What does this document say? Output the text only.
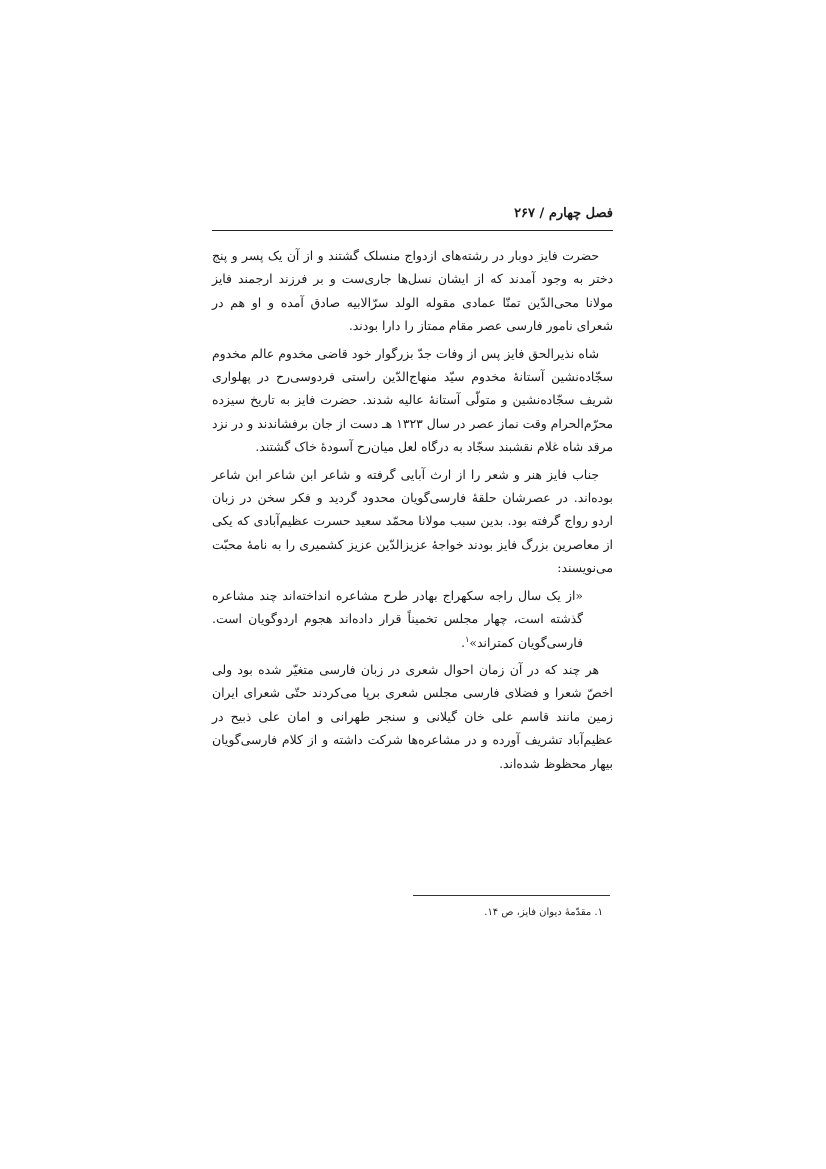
فصل چهارم / ۲۶۷

حضرت فایز دوبار در رشته‌های ازدواج منسلک گشتند و از آن یک پسر و پنج دختر به وجود آمدند که از ایشان نسل‌ها جاری‌ست و بر فرزند ارجمند فایز مولانا محی‌الدّین تمنّا عمادی مقوله الولد سرّالابیه صادق آمده و او هم در شعرای نامور فارسی عصر مقام ممتاز را دارا بودند.

شاه نذیرالحق فایز پس از وفات جدّ بزرگوار خود قاضی مخدوم عالم مخدوم سجّاده‌نشین آستانهٔ مخدوم سیّد منهاج‌الدّین راستی فردوسی‌رح در پهلواری شریف سجّاده‌نشین و متولّی آستانهٔ عالیه شدند. حضرت فایز به تاریخ سیزده محرّم‌الحرام وقت نماز عصر در سال ۱۳۲۳ هـ دست از جان برفشاندند و در نزد مرقد شاه غلام نقشبند سجّاد به درگاه لعل میان‌رح آسودهٔ خاک گشتند.

جناب فایز هنر و شعر را از ارث آبایی گرفته و شاعر ابن شاعر ابن شاعر بوده‌اند. در عصرشان حلقهٔ فارسی‌گویان محدود گردید و فکر سخن در زبان اردو رواج گرفته بود. بدین سبب مولانا محمّد سعید حسرت عظیم‌آبادی که یکی از معاصرین بزرگ فایز بودند خواجهٔ عزیزالدّین عزیز کشمیری را به نامهٔ محبّت می‌نویسند:

«از یک سال راجه سکهراج بهادر طرح مشاعره انداخته‌اند چند مشاعره گذشته است، چهار مجلس تخمیناً قرار داده‌اند هجوم اردوگویان است. فارسی‌گویان کمتراند»$^۱$.

هر چند که در آن زمان احوال شعری در زبان فارسی متغیّر شده بود ولی اخصّ شعرا و فضلای فارسی مجلس شعری برپا می‌کردند حتّی شعرای ایران زمین مانند قاسم علی خان گیلانی و سنجر طهرانی و امان علی ذبیح در عظیم‌آباد تشریف آورده و در مشاعره‌ها شرکت داشته و از کلام فارسی‌گویان بیهار محظوظ شده‌اند.

۱. مقدّمهٔ دیوان فایز، ص ۱۴.
